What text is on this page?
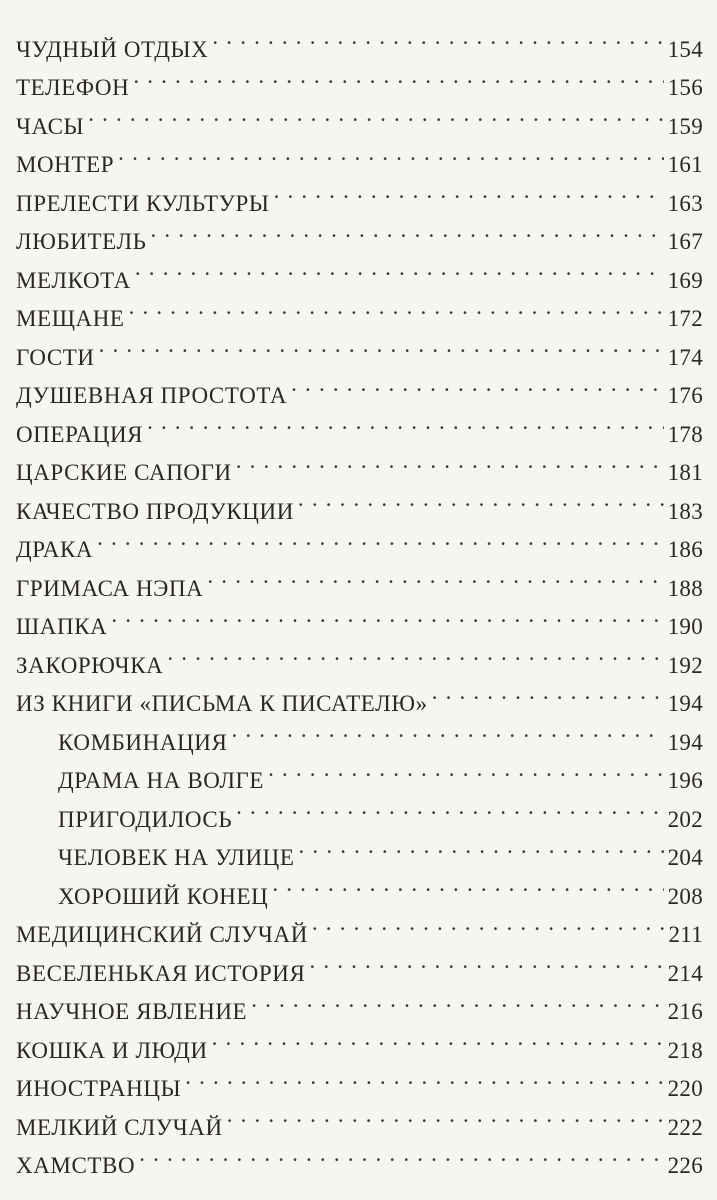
ЧУДНЫЙ ОТДЫХ . . .	154
ТЕЛЕФОН . . .	156
ЧАСЫ . . .	159
МОНТЕР . . .	161
ПРЕЛЕСТИ КУЛЬТУРЫ . . .	163
ЛЮБИТЕЛЬ . . .	167
МЕЛКОТА . . .	169
МЕЩАНЕ . . .	172
ГОСТИ . . .	174
ДУШЕВНАЯ ПРОСТОТА . . .	176
ОПЕРАЦИЯ . . .	178
ЦАРСКИЕ САПОГИ . . .	181
КАЧЕСТВО ПРОДУКЦИИ . . .	183
ДРАКА . . .	186
ГРИМАСА НЭПА . . .	188
ШАПКА . . .	190
ЗАКОРЮЧКА . . .	192
ИЗ КНИГИ «ПИСЬМА К ПИСАТЕЛЮ» . . .	194
КОМБИНАЦИЯ . . .	194
ДРАМА НА ВОЛГЕ . . .	196
ПРИГОДИЛОСЬ . . .	202
ЧЕЛОВЕК НА УЛИЦЕ . . .	204
ХОРОШИЙ КОНЕЦ . . .	208
МЕДИЦИНСКИЙ СЛУЧАЙ . . .	211
ВЕСЕЛЕНЬКАЯ ИСТОРИЯ . . .	214
НАУЧНОЕ ЯВЛЕНИЕ . . .	216
КОШКА И ЛЮДИ . . .	218
ИНОСТРАНЦЫ . . .	220
МЕЛКИЙ СЛУЧАЙ . . .	222
ХАМСТВО . . .	226
